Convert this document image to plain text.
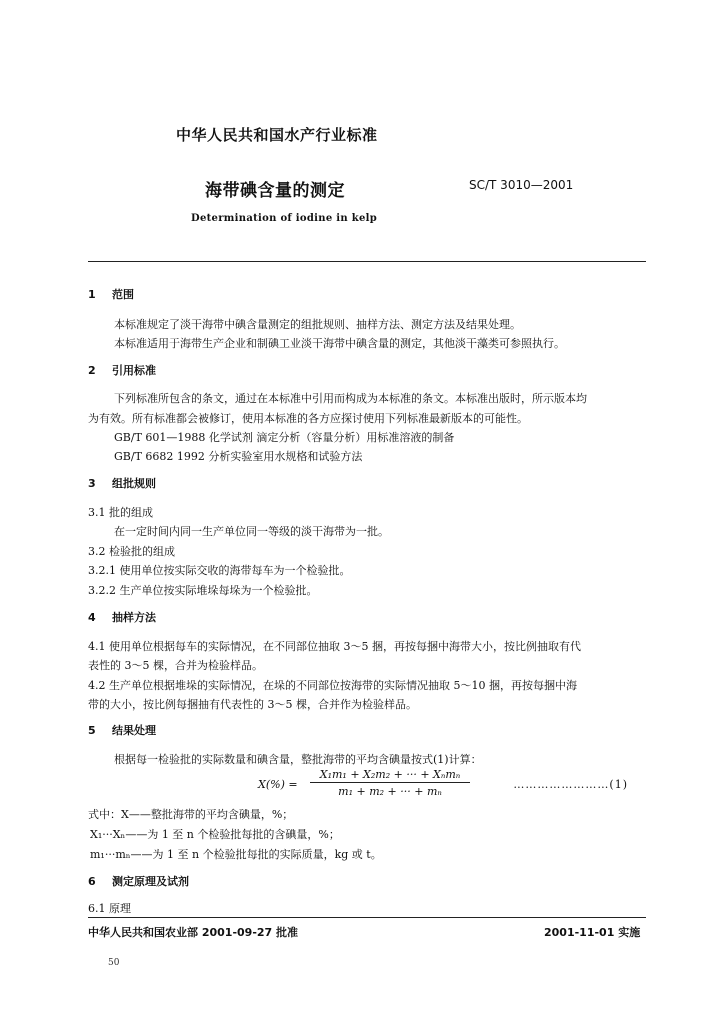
中华人民共和国水产行业标准
海带碘含量的测定	SC/T 3010—2001
Determination of iodine in kelp
1 范围
本标准规定了淡干海带中碘含量测定的组批规则、抽样方法、测定方法及结果处理。
本标准适用于海带生产企业和制碘工业淡干海带中碘含量的测定，其他淡干藻类可参照执行。
2 引用标准
下列标准所包含的条文，通过在本标准中引用而构成为本标准的条文。本标准出版时，所示版本均
为有效。所有标准都会被修订，使用本标准的各方应探讨使用下列标准最新版本的可能性。
GB/T 601—1988 化学试剂 滴定分析（容量分析）用标准溶液的制备
GB/T 6682 1992 分析实验室用水规格和试验方法
3 组批规则
3.1 批的组成
在一定时间内同一生产单位同一等级的淡干海带为一批。
3.2 检验批的组成
3.2.1 使用单位按实际交收的海带每车为一个检验批。
3.2.2 生产单位按实际堆垛每垛为一个检验批。
4 抽样方法
4.1 使用单位根据每车的实际情况，在不同部位抽取 3～5 捆，再按每捆中海带大小，按比例抽取有代
表性的 3～5 棵，合并为检验样品。
4.2 生产单位根据堆垛的实际情况，在垛的不同部位按海带的实际情况抽取 5～10 捆，再按每捆中海
带的大小，按比例每捆抽有代表性的 3～5 棵，合并作为检验样品。
5 结果处理
根据每一检验批的实际数量和碘含量，整批海带的平均含碘量按式(1)计算：
X(%) =
X₁m₁ + X₂m₂ + ··· + Xₙmₙ
m₁ + m₂ + ··· + mₙ
……………………(1)
式中：X——整批海带的平均含碘量，%；
X₁···Xₙ——为 1 至 n 个检验批每批的含碘量，%；
m₁···mₙ——为 1 至 n 个检验批每批的实际质量，kg 或 t。
6 测定原理及试剂
6.1 原理
中华人民共和国农业部 2001-09-27 批准	2001-11-01 实施
50
